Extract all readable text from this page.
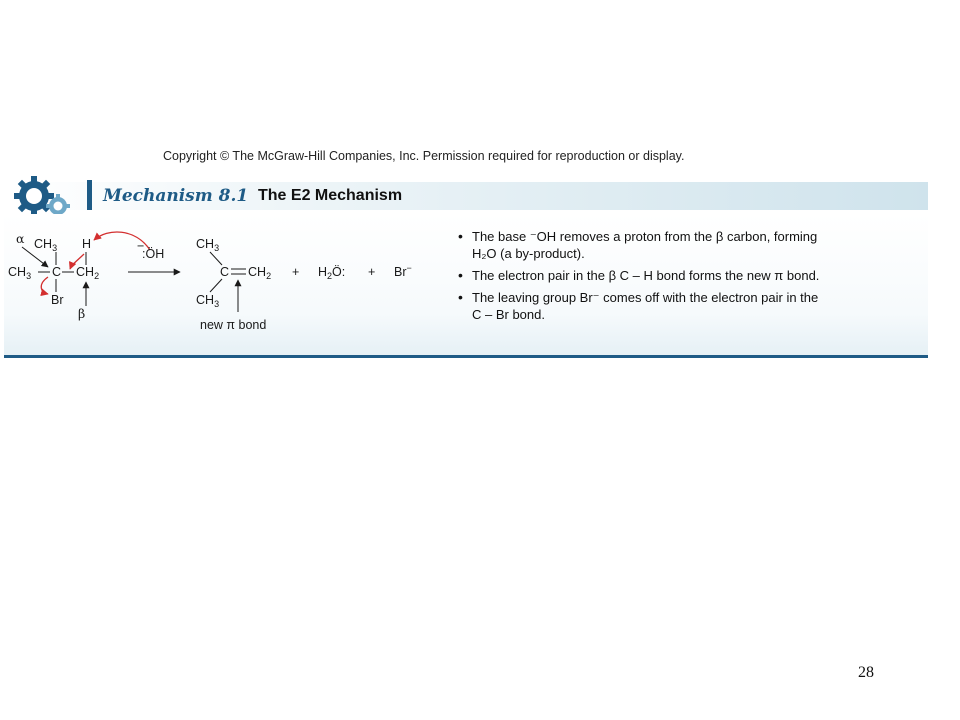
Copyright © The McGraw-Hill Companies, Inc. Permission required for reproduction or display.
Mechanism 8.1 The E2 Mechanism
α $CH_3$ H
$CH_3$ C $CH_2$
Br
β
−
:ÖH
$CH_3$
C $CH_2$
$CH_3$
new π bond
+ $H_2Ö$: + Br−
• The base ⁻OH removes a proton from the β carbon, forming
H₂O (a by-product).
• The electron pair in the β C – H bond forms the new π bond.
• The leaving group Br⁻ comes off with the electron pair in the
C – Br bond.
28
